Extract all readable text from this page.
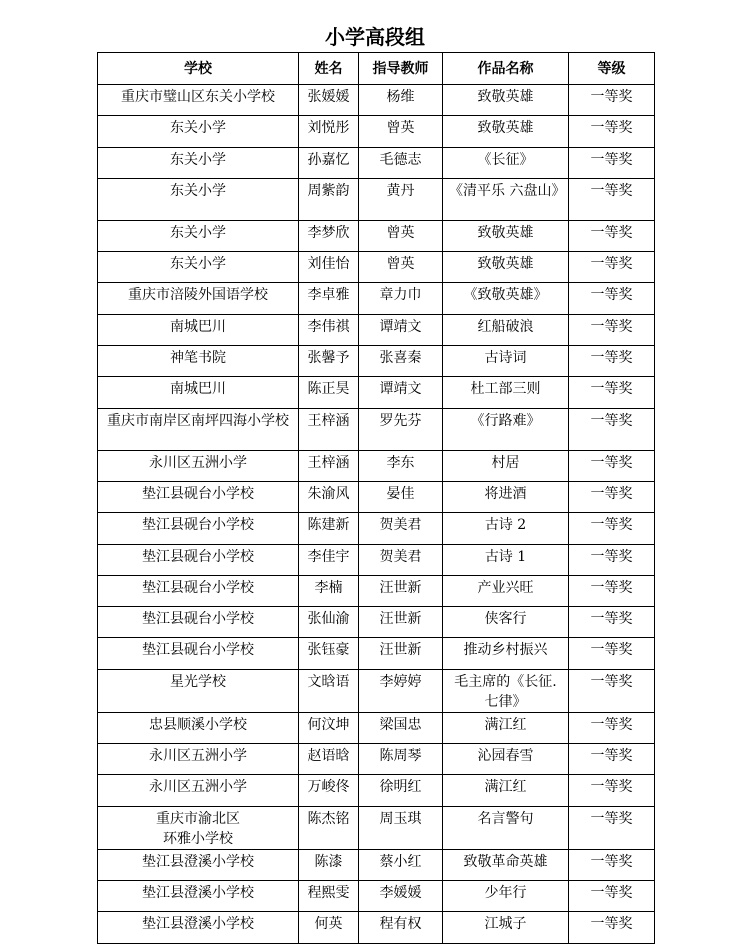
小学高段组
学校	姓名	指导教师	作品名称	等级
重庆市璧山区东关小学校	张媛媛	杨维	致敬英雄	一等奖
东关小学	刘悦彤	曾英	致敬英雄	一等奖
东关小学	孙嘉忆	毛德志	《长征》	一等奖
东关小学	周紫韵	黄丹	《清平乐 六盘山》	一等奖
东关小学	李梦欣	曾英	致敬英雄	一等奖
东关小学	刘佳怡	曾英	致敬英雄	一等奖
重庆市涪陵外国语学校	李卓雅	章力巾	《致敬英雄》	一等奖
南城巴川	李伟祺	谭靖文	红船破浪	一等奖
神笔书院	张馨予	张喜秦	古诗词	一等奖
南城巴川	陈正昊	谭靖文	杜工部三则	一等奖
重庆市南岸区南坪四海小学校	王梓涵	罗先芬	《行路难》	一等奖
永川区五洲小学	王梓涵	李东	村居	一等奖
垫江县砚台小学校	朱渝风	晏佳	将进酒	一等奖
垫江县砚台小学校	陈建新	贺美君	古诗 2	一等奖
垫江县砚台小学校	李佳宇	贺美君	古诗 1	一等奖
垫江县砚台小学校	李楠	汪世新	产业兴旺	一等奖
垫江县砚台小学校	张仙渝	汪世新	侠客行	一等奖
垫江县砚台小学校	张钰豪	汪世新	推动乡村振兴	一等奖
星光学校	文晗语	李婷婷	毛主席的《长征.七律》	一等奖
忠县顺溪小学校	何汶坤	梁国忠	满江红	一等奖
永川区五洲小学	赵语晗	陈周琴	沁园春雪	一等奖
永川区五洲小学	万峻佟	徐明红	满江红	一等奖
重庆市渝北区
环雅小学校	陈杰铭	周玉琪	名言警句	一等奖
垫江县澄溪小学校	陈漆	蔡小红	致敬革命英雄	一等奖
垫江县澄溪小学校	程熙雯	李媛媛	少年行	一等奖
垫江县澄溪小学校	何英	程有权	江城子	一等奖
